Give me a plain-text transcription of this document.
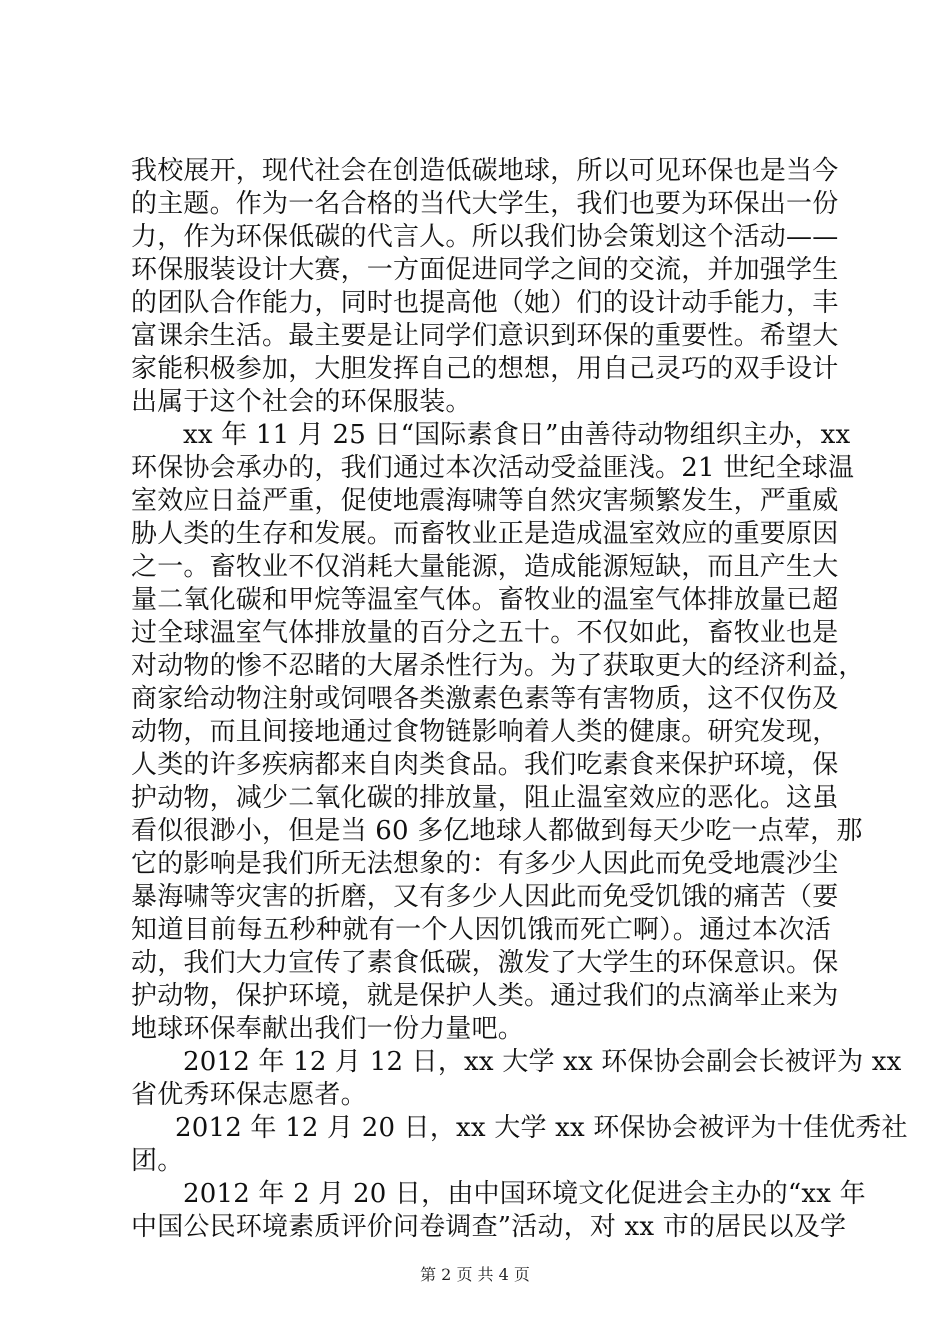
我校展开，现代社会在创造低碳地球，所以可见环保也是当今
的主题。作为一名合格的当代大学生，我们也要为环保出一份
力，作为环保低碳的代言人。所以我们协会策划这个活动——
环保服装设计大赛，一方面促进同学之间的交流，并加强学生
的团队合作能力，同时也提高他（她）们的设计动手能力，丰
富课余生活。最主要是让同学们意识到环保的重要性。希望大
家能积极参加，大胆发挥自己的想想，用自己灵巧的双手设计
出属于这个社会的环保服装。
xx 年 11 月 25 日“国际素食日”由善待动物组织主办，xx
环保协会承办的，我们通过本次活动受益匪浅。21 世纪全球温
室效应日益严重，促使地震海啸等自然灾害频繁发生，严重威
胁人类的生存和发展。而畜牧业正是造成温室效应的重要原因
之一。畜牧业不仅消耗大量能源，造成能源短缺，而且产生大
量二氧化碳和甲烷等温室气体。畜牧业的温室气体排放量已超
过全球温室气体排放量的百分之五十。不仅如此，畜牧业也是
对动物的惨不忍睹的大屠杀性行为。为了获取更大的经济利益，
商家给动物注射或饲喂各类激素色素等有害物质，这不仅伤及
动物，而且间接地通过食物链影响着人类的健康。研究发现，
人类的许多疾病都来自肉类食品。我们吃素食来保护环境，保
护动物，减少二氧化碳的排放量，阻止温室效应的恶化。这虽
看似很渺小，但是当 60 多亿地球人都做到每天少吃一点荤，那
它的影响是我们所无法想象的：有多少人因此而免受地震沙尘
暴海啸等灾害的折磨，又有多少人因此而免受饥饿的痛苦（要
知道目前每五秒种就有一个人因饥饿而死亡啊）。通过本次活
动，我们大力宣传了素食低碳，激发了大学生的环保意识。保
护动物，保护环境，就是保护人类。通过我们的点滴举止来为
地球环保奉献出我们一份力量吧。
2012 年 12 月 12 日，xx 大学 xx 环保协会副会长被评为 xx
省优秀环保志愿者。
2012 年 12 月 20 日，xx 大学 xx 环保协会被评为十佳优秀社
团。
2012 年 2 月 20 日，由中国环境文化促进会主办的“xx 年
中国公民环境素质评价问卷调查”活动，对 xx 市的居民以及学
第 2 页 共 4 页
